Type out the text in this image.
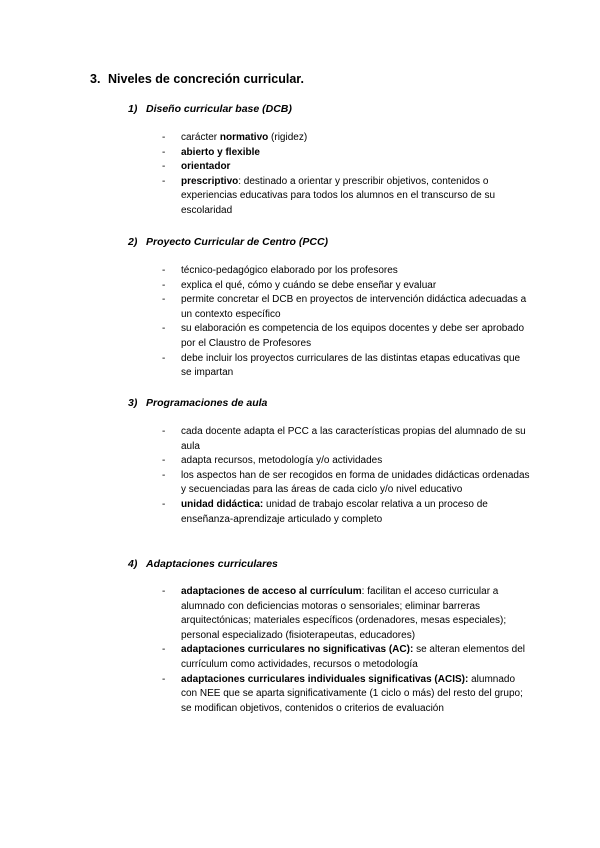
3. Niveles de concreción curricular.
1) Diseño curricular base (DCB)
- carácter normativo (rigidez)
- abierto y flexible
- orientador
- prescriptivo: destinado a orientar y prescribir objetivos, contenidos o experiencias educativas para todos los alumnos en el transcurso de su escolaridad
2) Proyecto Curricular de Centro (PCC)
- técnico-pedagógico elaborado por los profesores
- explica el qué, cómo y cuándo se debe enseñar y evaluar
- permite concretar el DCB en proyectos de intervención didáctica adecuadas a un contexto específico
- su elaboración es competencia de los equipos docentes y debe ser aprobado por el Claustro de Profesores
- debe incluir los proyectos curriculares de las distintas etapas educativas que se impartan
3) Programaciones de aula
- cada docente adapta el PCC a las características propias del alumnado de su aula
- adapta recursos, metodología y/o actividades
- los aspectos han de ser recogidos en forma de unidades didácticas ordenadas y secuenciadas para las áreas de cada ciclo y/o nivel educativo
- unidad didáctica: unidad de trabajo escolar relativa a un proceso de enseñanza-aprendizaje articulado y completo
4) Adaptaciones curriculares
- adaptaciones de acceso al currículum: facilitan el acceso curricular a alumnado con deficiencias motoras o sensoriales; eliminar barreras arquitectónicas; materiales específicos (ordenadores, mesas especiales); personal especializado (fisioterapeutas, educadores)
- adaptaciones curriculares no significativas (AC): se alteran elementos del currículum como actividades, recursos o metodología
- adaptaciones curriculares individuales significativas (ACIS): alumnado con NEE que se aparta significativamente (1 ciclo o más) del resto del grupo; se modifican objetivos, contenidos o criterios de evaluación
